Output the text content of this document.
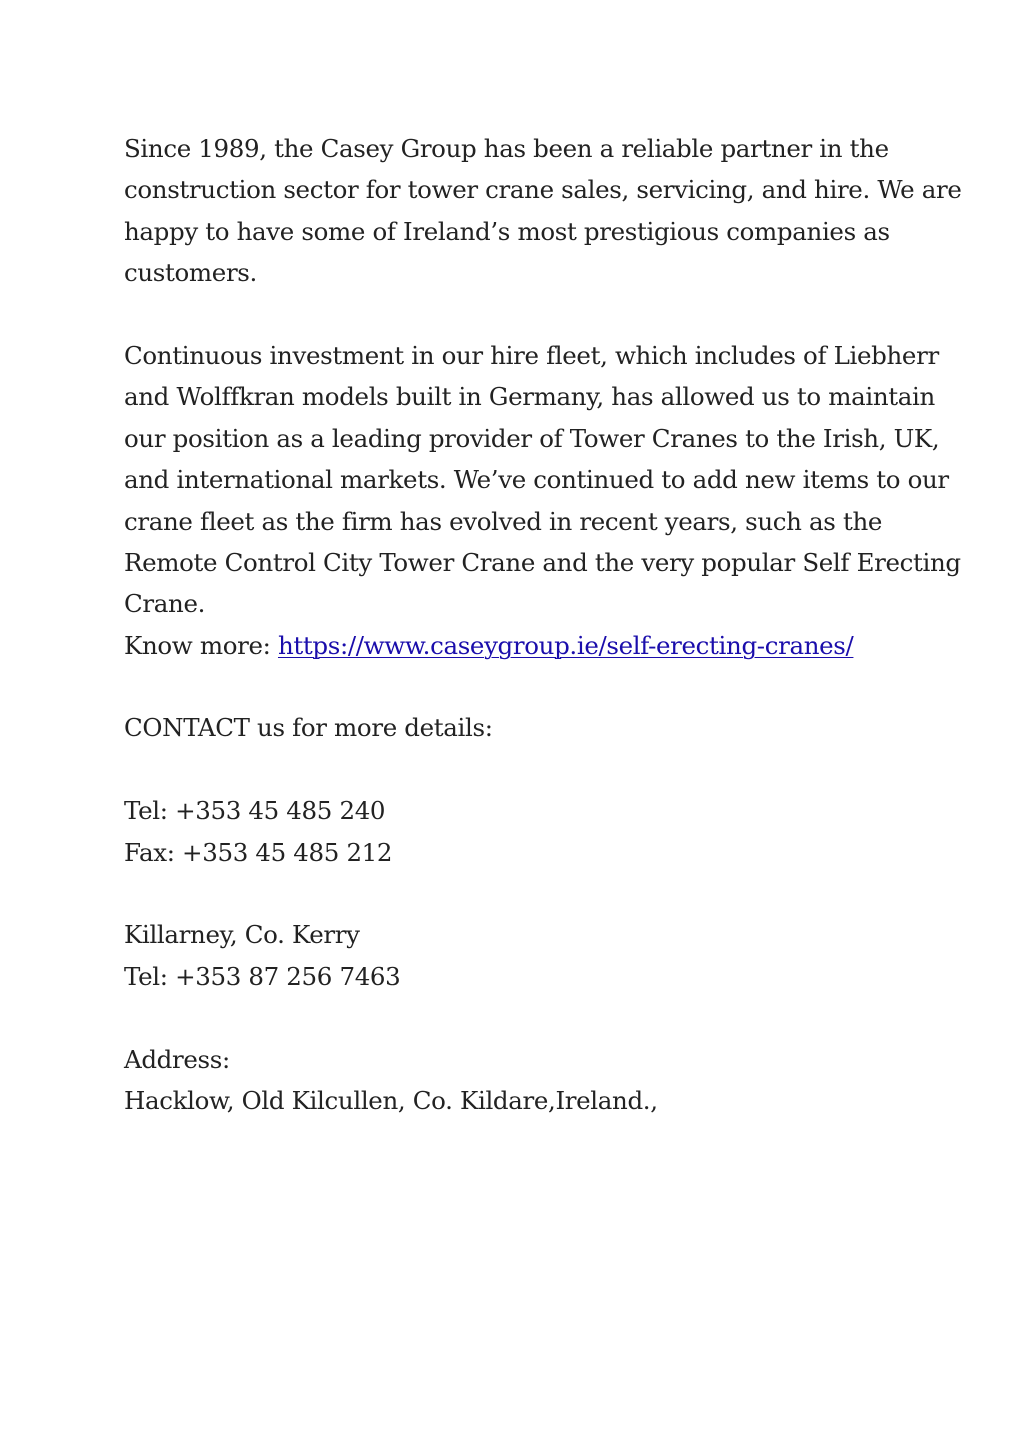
Since 1989, the Casey Group has been a reliable partner in the
construction sector for tower crane sales, servicing, and hire. We are
happy to have some of Ireland’s most prestigious companies as
customers.
Continuous investment in our hire fleet, which includes of Liebherr
and Wolffkran models built in Germany, has allowed us to maintain
our position as a leading provider of Tower Cranes to the Irish, UK,
and international markets. We’ve continued to add new items to our
crane fleet as the firm has evolved in recent years, such as the
Remote Control City Tower Crane and the very popular Self Erecting
Crane.
Know more: https://www.caseygroup.ie/self-erecting-cranes/
CONTACT us for more details:
Tel: +353 45 485 240
Fax: +353 45 485 212
Killarney, Co. Kerry
Tel: +353 87 256 7463
Address:
Hacklow, Old Kilcullen, Co. Kildare,Ireland.,
